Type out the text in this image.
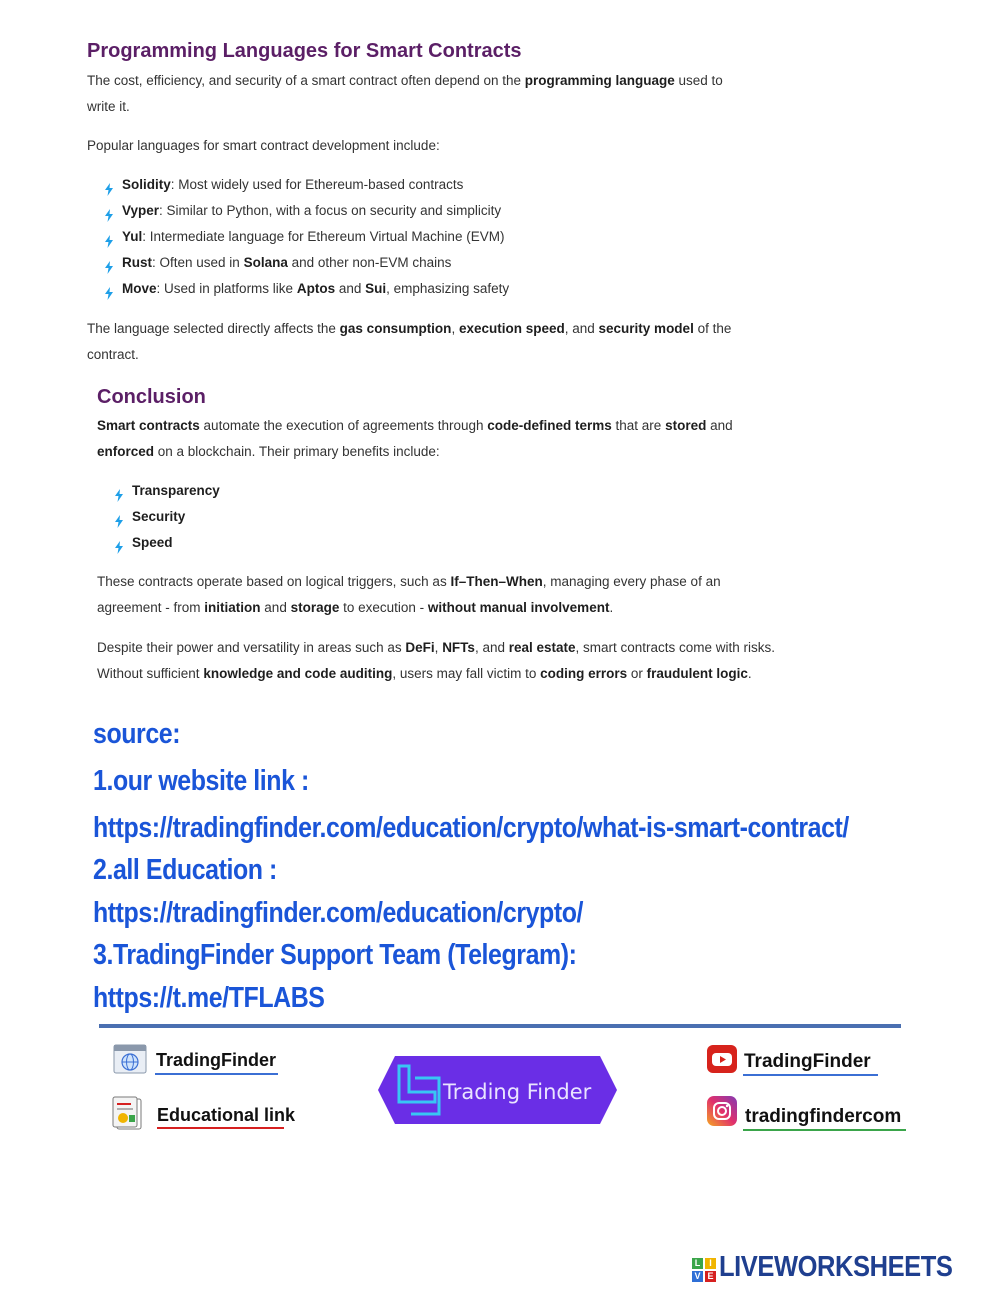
Programming Languages for Smart Contracts

The cost, efficiency, and security of a smart contract often depend on the programming language used to write it.

Popular languages for smart contract development include:

Solidity : Most widely used for Ethereum-based contracts
Vyper : Similar to Python, with a focus on security and simplicity
Yul : Intermediate language for Ethereum Virtual Machine (EVM)
Rust : Often used in Solana and other non-EVM chains
Move : Used in platforms like Aptos and Sui, emphasizing safety

The language selected directly affects the gas consumption, execution speed, and security model of the contract.

Conclusion

Smart contracts automate the execution of agreements through code-defined terms that are stored and enforced on a blockchain. Their primary benefits include:

Transparency
Security
Speed

These contracts operate based on logical triggers, such as If–Then–When, managing every phase of an agreement - from initiation and storage to execution - without manual involvement.

Despite their power and versatility in areas such as DeFi, NFTs, and real estate, smart contracts come with risks. Without sufficient knowledge and code auditing, users may fall victim to coding errors or fraudulent logic.

source:
1.our website link :
https://tradingfinder.com/education/crypto/what-is-smart-contract/
2.all Education :
https://tradingfinder.com/education/crypto/
3.TradingFinder Support Team (Telegram):
https://t.me/TFLABS
TradingFinder
Educational link
Trading Finder
TradingFinder
tradingfindercom
L I
V E LIVEWORKSHEETS
